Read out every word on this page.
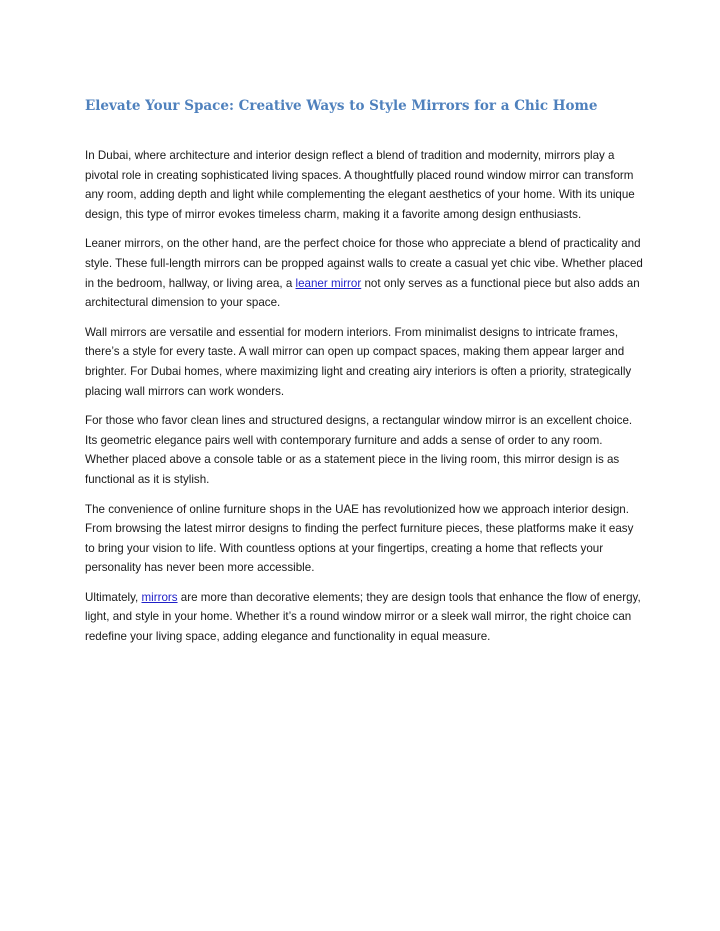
Elevate Your Space: Creative Ways to Style Mirrors for a Chic Home

In Dubai, where architecture and interior design reflect a blend of tradition and modernity, mirrors play a pivotal role in creating sophisticated living spaces. A thoughtfully placed round window mirror can transform any room, adding depth and light while complementing the elegant aesthetics of your home. With its unique design, this type of mirror evokes timeless charm, making it a favorite among design enthusiasts.

Leaner mirrors, on the other hand, are the perfect choice for those who appreciate a blend of practicality and style. These full-length mirrors can be propped against walls to create a casual yet chic vibe. Whether placed in the bedroom, hallway, or living area, a leaner mirror not only serves as a functional piece but also adds an architectural dimension to your space.

Wall mirrors are versatile and essential for modern interiors. From minimalist designs to intricate frames, there’s a style for every taste. A wall mirror can open up compact spaces, making them appear larger and brighter. For Dubai homes, where maximizing light and creating airy interiors is often a priority, strategically placing wall mirrors can work wonders.

For those who favor clean lines and structured designs, a rectangular window mirror is an excellent choice. Its geometric elegance pairs well with contemporary furniture and adds a sense of order to any room. Whether placed above a console table or as a statement piece in the living room, this mirror design is as functional as it is stylish.

The convenience of online furniture shops in the UAE has revolutionized how we approach interior design. From browsing the latest mirror designs to finding the perfect furniture pieces, these platforms make it easy to bring your vision to life. With countless options at your fingertips, creating a home that reflects your personality has never been more accessible.

Ultimately, mirrors are more than decorative elements; they are design tools that enhance the flow of energy, light, and style in your home. Whether it’s a round window mirror or a sleek wall mirror, the right choice can redefine your living space, adding elegance and functionality in equal measure.
